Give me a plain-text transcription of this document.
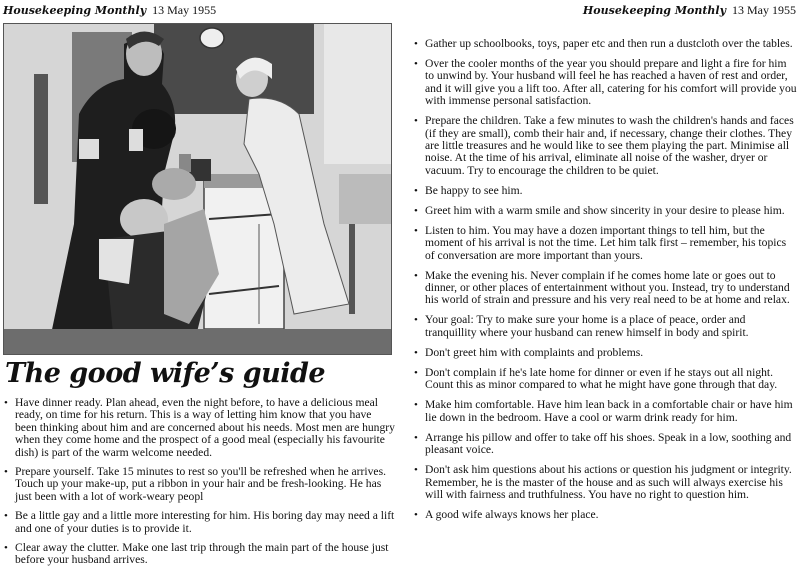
Housekeeping Monthly 13 May 1955	Housekeeping Monthly 13 May 1955
The good wife’s guide
• Have dinner ready. Plan ahead, even the night before, to have a delicious meal ready, on time for his return. This is a way of letting him know that you have been thinking about him and are concerned about his needs. Most men are hungry when they come home and the prospect of a good meal (especially his favourite dish) is part of the warm welcome needed.
• Prepare yourself. Take 15 minutes to rest so you'll be refreshed when he arrives. Touch up your make-up, put a ribbon in your hair and be fresh-looking. He has just been with a lot of work-weary peopl
• Be a little gay and a little more interesting for him. His boring day may need a lift and one of your duties is to provide it.
• Clear away the clutter. Make one last trip through the main part of the house just before your husband arrives.
• Gather up schoolbooks, toys, paper etc and then run a dustcloth over the tables.
• Over the cooler months of the year you should prepare and light a fire for him to unwind by. Your husband will feel he has reached a haven of rest and order, and it will give you a lift too. After all, catering for his comfort will provide you with immense personal satisfaction.
• Prepare the children. Take a few minutes to wash the children's hands and faces (if they are small), comb their hair and, if necessary, change their clothes. They are little treasures and he would like to see them playing the part. Minimise all noise. At the time of his arrival, eliminate all noise of the washer, dryer or vacuum. Try to encourage the children to be quiet.
• Be happy to see him.
• Greet him with a warm smile and show sincerity in your desire to please him.
• Listen to him. You may have a dozen important things to tell him, but the moment of his arrival is not the time. Let him talk first – remember, his topics of conversation are more important than yours.
• Make the evening his. Never complain if he comes home late or goes out to dinner, or other places of entertainment without you. Instead, try to understand his world of strain and pressure and his very real need to be at home and relax.
• Your goal: Try to make sure your home is a place of peace, order and tranquillity where your husband can renew himself in body and spirit.
• Don't greet him with complaints and problems.
• Don't complain if he's late home for dinner or even if he stays out all night. Count this as minor compared to what he might have gone through that day.
• Make him comfortable. Have him lean back in a comfortable chair or have him lie down in the bedroom. Have a cool or warm drink ready for him.
• Arrange his pillow and offer to take off his shoes. Speak in a low, soothing and pleasant voice.
• Don't ask him questions about his actions or question his judgment or integrity. Remember, he is the master of the house and as such will always exercise his will with fairness and truthfulness. You have no right to question him.
• A good wife always knows her place.
